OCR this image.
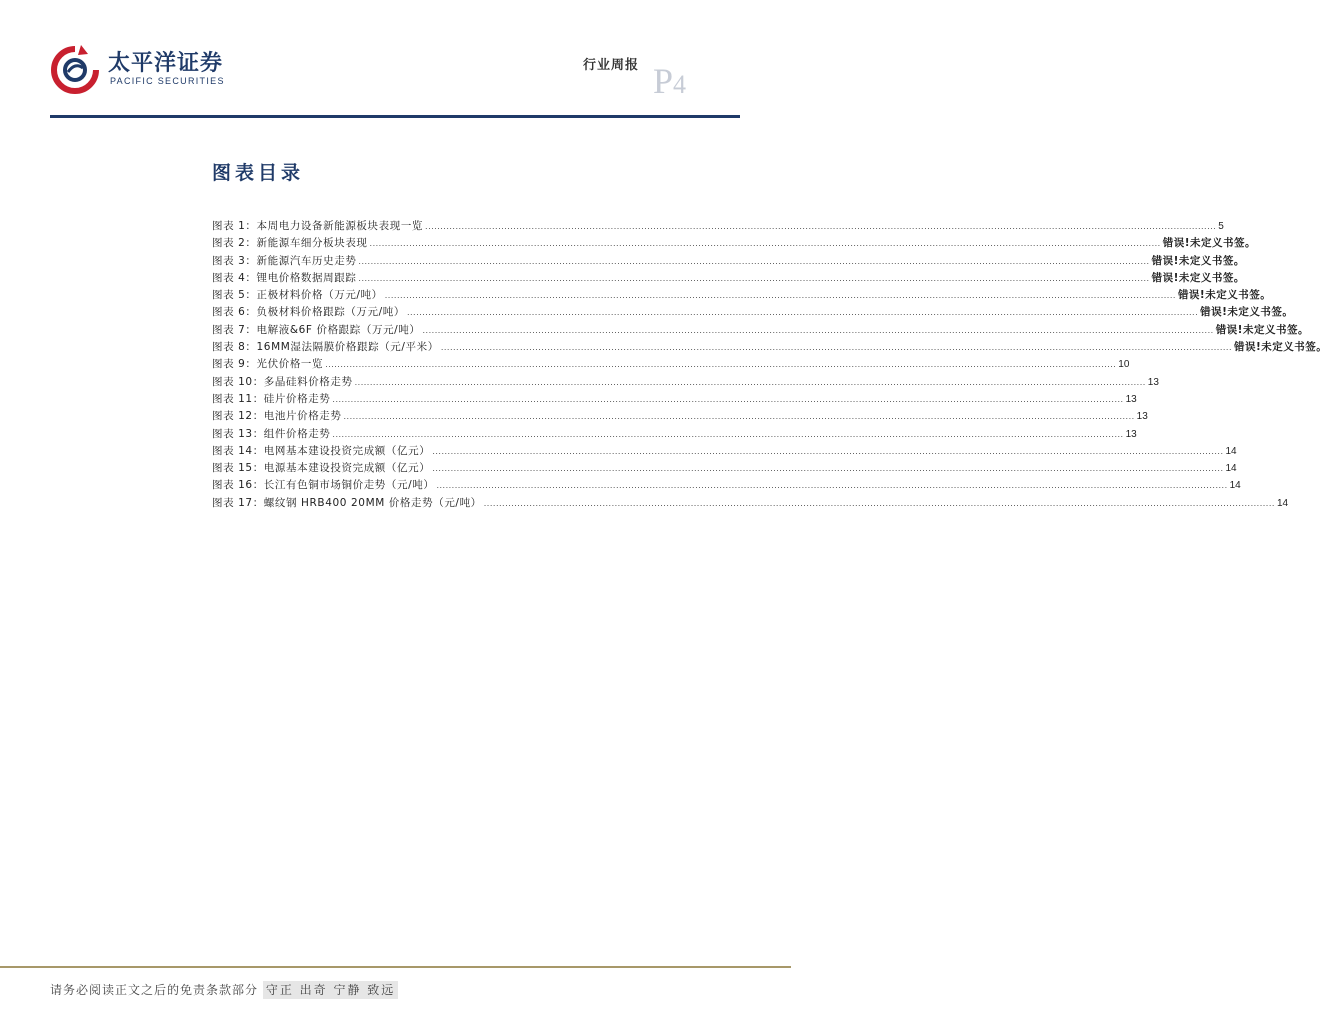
太平洋证券
PACIFIC SECURITIES
行业周报 P4
图表目录
图表 1：本周电力设备新能源板块表现一览 .................................................................................................................................................................................................................................................................... 5
图表 2：新能源车细分板块表现 .................................................................................................................................................................................................................................................................... 错误!未定义书签。
图表 3：新能源汽车历史走势 .................................................................................................................................................................................................................................................................... 错误!未定义书签。
图表 4：锂电价格数据周跟踪 .................................................................................................................................................................................................................................................................... 错误!未定义书签。
图表 5：正极材料价格（万元/吨） .................................................................................................................................................................................................................................................................... 错误!未定义书签。
图表 6：负极材料价格跟踪（万元/吨） .................................................................................................................................................................................................................................................................... 错误!未定义书签。
图表 7：电解液&6F 价格跟踪（万元/吨） .................................................................................................................................................................................................................................................................... 错误!未定义书签。
图表 8：16MM湿法隔膜价格跟踪（元/平米） .................................................................................................................................................................................................................................................................... 错误!未定义书签。
图表 9：光伏价格一览 .................................................................................................................................................................................................................................................................... 10
图表 10：多晶硅料价格走势 .................................................................................................................................................................................................................................................................... 13
图表 11：硅片价格走势 .................................................................................................................................................................................................................................................................... 13
图表 12：电池片价格走势 .................................................................................................................................................................................................................................................................... 13
图表 13：组件价格走势 .................................................................................................................................................................................................................................................................... 13
图表 14：电网基本建设投资完成额（亿元） .................................................................................................................................................................................................................................................................... 14
图表 15：电源基本建设投资完成额（亿元） .................................................................................................................................................................................................................................................................... 14
图表 16：长江有色铜市场铜价走势（元/吨） .................................................................................................................................................................................................................................................................... 14
图表 17：螺纹钢 HRB400 20MM 价格走势（元/吨） .................................................................................................................................................................................................................................................................... 14
请务必阅读正文之后的免责条款部分 守正 出奇 宁静 致远
